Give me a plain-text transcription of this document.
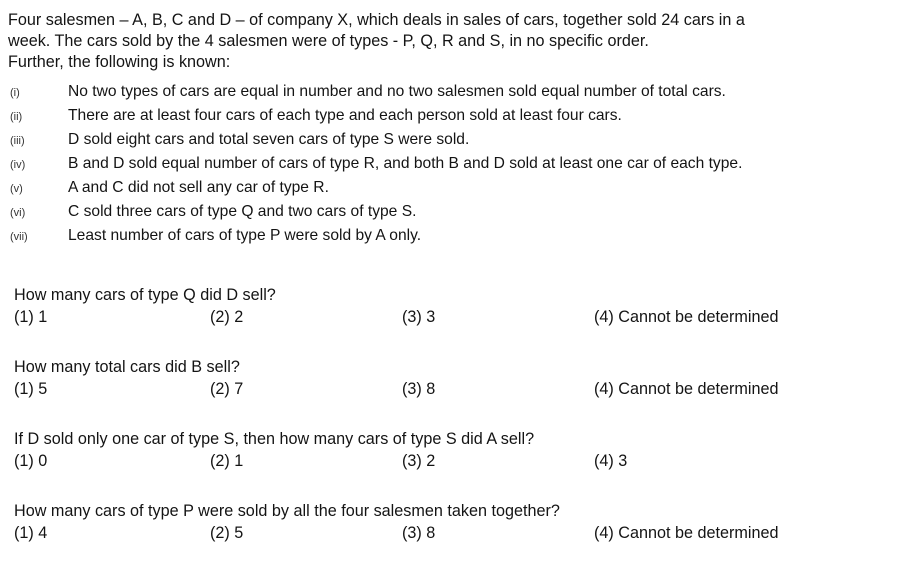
Four salesmen – A, B, C and D – of company X, which deals in sales of cars, together sold 24 cars in a

week. The cars sold by the 4 salesmen were of types - P, Q, R and S, in no specific order.

Further, the following is known:

(i)	No two types of cars are equal in number and no two salesmen sold equal number of total cars.
(ii)	There are at least four cars of each type and each person sold at least four cars.
(iii)	D sold eight cars and total seven cars of type S were sold.
(iv)	B and D sold equal number of cars of type R, and both B and D sold at least one car of each type.
(v)	A and C did not sell any car of type R.
(vi)	C sold three cars of type Q and two cars of type S.
(vii)	Least number of cars of type P were sold by A only.
How many cars of type Q did D sell?
(1) 1	(2) 2	(3) 3	(4) Cannot be determined
How many total cars did B sell?
(1) 5	(2) 7	(3) 8	(4) Cannot be determined
If D sold only one car of type S, then how many cars of type S did A sell?
(1) 0	(2) 1	(3) 2	(4) 3
How many cars of type P were sold by all the four salesmen taken together?
(1) 4	(2) 5	(3) 8	(4) Cannot be determined
